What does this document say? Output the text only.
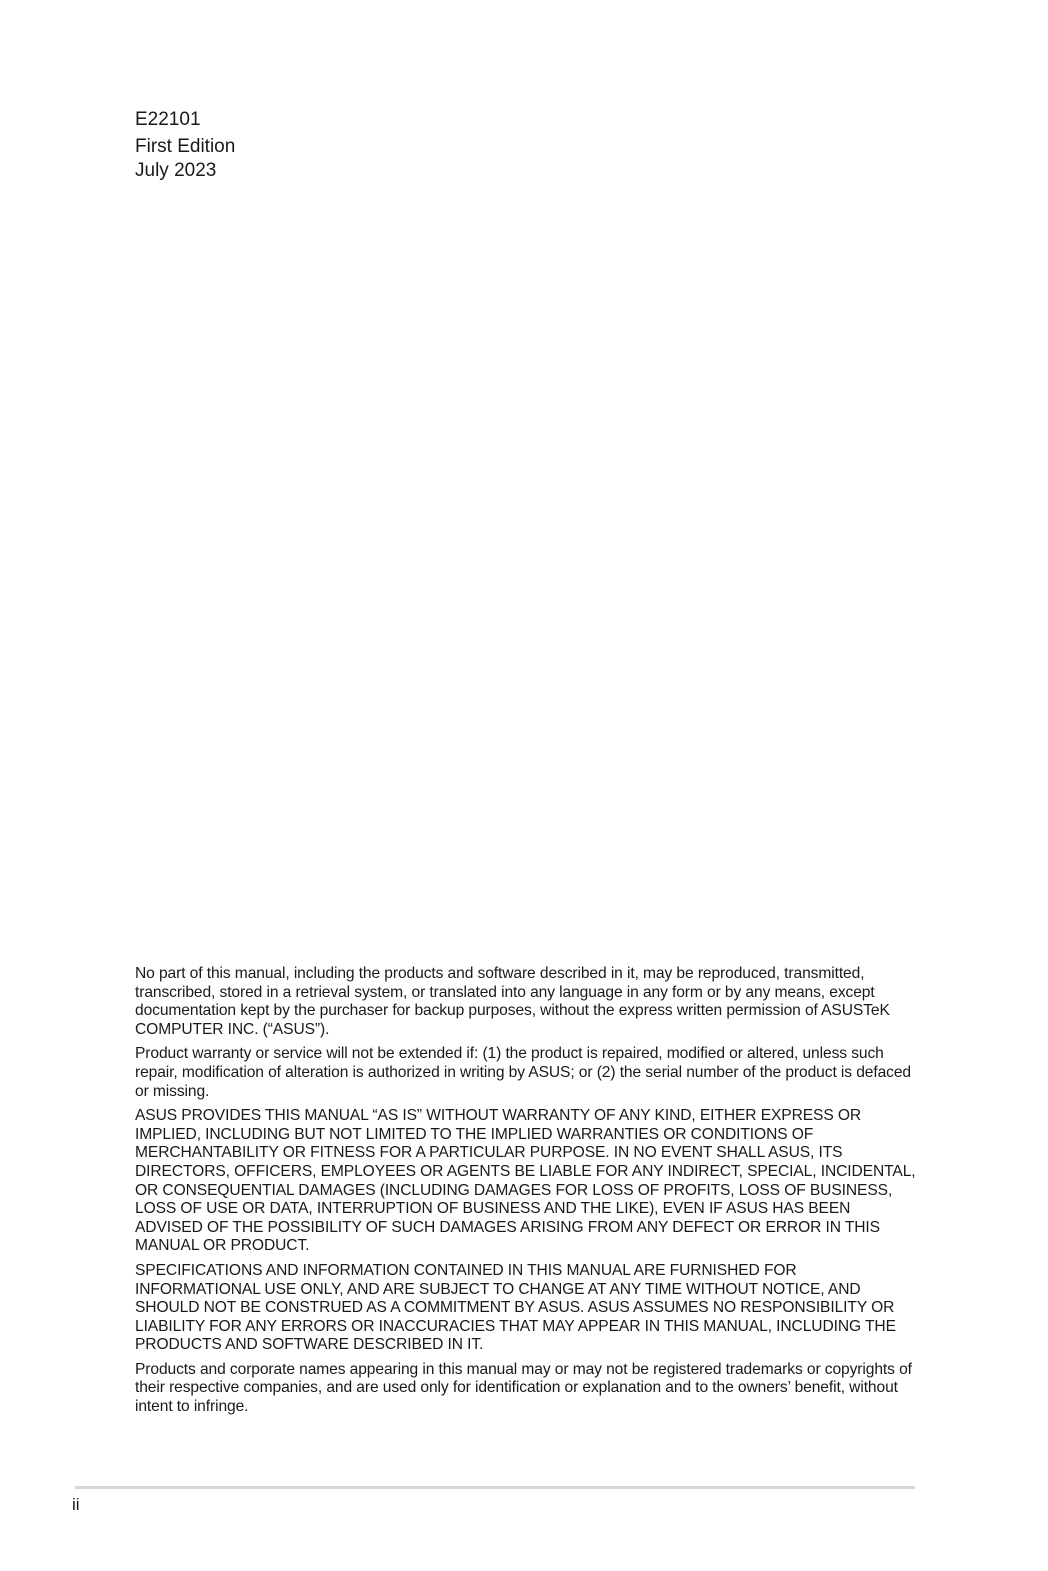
E22101
First Edition
July 2023

No part of this manual, including the products and software described in it, may be reproduced, transmitted, transcribed, stored in a retrieval system, or translated into any language in any form or by any means, except documentation kept by the purchaser for backup purposes, without the express written permission of ASUSTeK COMPUTER INC. (“ASUS”).

Product warranty or service will not be extended if: (1) the product is repaired, modified or altered, unless such repair, modification of alteration is authorized in writing by ASUS; or (2) the serial number of the product is defaced or missing.

ASUS PROVIDES THIS MANUAL “AS IS” WITHOUT WARRANTY OF ANY KIND, EITHER EXPRESS OR IMPLIED, INCLUDING BUT NOT LIMITED TO THE IMPLIED WARRANTIES OR CONDITIONS OF MERCHANTABILITY OR FITNESS FOR A PARTICULAR PURPOSE. IN NO EVENT SHALL ASUS, ITS DIRECTORS, OFFICERS, EMPLOYEES OR AGENTS BE LIABLE FOR ANY INDIRECT, SPECIAL, INCIDENTAL, OR CONSEQUENTIAL DAMAGES (INCLUDING DAMAGES FOR LOSS OF PROFITS, LOSS OF BUSINESS, LOSS OF USE OR DATA, INTERRUPTION OF BUSINESS AND THE LIKE), EVEN IF ASUS HAS BEEN ADVISED OF THE POSSIBILITY OF SUCH DAMAGES ARISING FROM ANY DEFECT OR ERROR IN THIS MANUAL OR PRODUCT.

SPECIFICATIONS AND INFORMATION CONTAINED IN THIS MANUAL ARE FURNISHED FOR INFORMATIONAL USE ONLY, AND ARE SUBJECT TO CHANGE AT ANY TIME WITHOUT NOTICE, AND SHOULD NOT BE CONSTRUED AS A COMMITMENT BY ASUS. ASUS ASSUMES NO RESPONSIBILITY OR LIABILITY FOR ANY ERRORS OR INACCURACIES THAT MAY APPEAR IN THIS MANUAL, INCLUDING THE PRODUCTS AND SOFTWARE DESCRIBED IN IT.

Products and corporate names appearing in this manual may or may not be registered trademarks or copyrights of their respective companies, and are used only for identification or explanation and to the owners’ benefit, without intent to infringe.

ii
